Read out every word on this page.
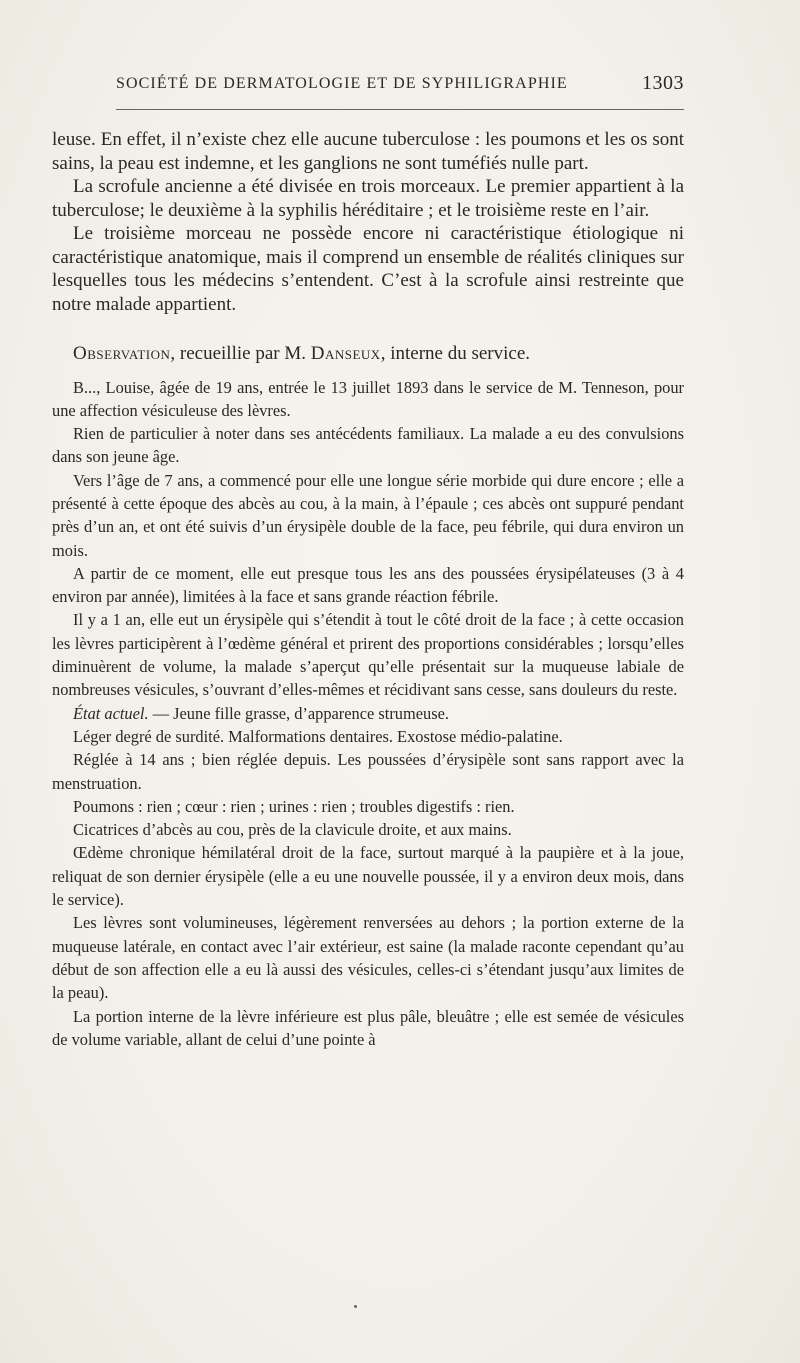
SOCIÉTÉ DE DERMATOLOGIE ET DE SYPHILIGRAPHIE	1303

leuse. En effet, il n’existe chez elle aucune tuberculose : les poumons et les os sont sains, la peau est indemne, et les ganglions ne sont tuméfiés nulle part.

La scrofule ancienne a été divisée en trois morceaux. Le premier appartient à la tuberculose; le deuxième à la syphilis héréditaire ; et le troisième reste en l’air.

Le troisième morceau ne possède encore ni caractéristique étiologique ni caractéristique anatomique, mais il comprend un ensemble de réalités cliniques sur lesquelles tous les médecins s’entendent. C’est à la scrofule ainsi restreinte que notre malade appartient.

Observation, recueillie par M. Danseux, interne du service.

B..., Louise, âgée de 19 ans, entrée le 13 juillet 1893 dans le service de M. Tenneson, pour une affection vésiculeuse des lèvres.

Rien de particulier à noter dans ses antécédents familiaux. La malade a eu des convulsions dans son jeune âge.

Vers l’âge de 7 ans, a commencé pour elle une longue série morbide qui dure encore ; elle a présenté à cette époque des abcès au cou, à la main, à l’épaule ; ces abcès ont suppuré pendant près d’un an, et ont été suivis d’un érysipèle double de la face, peu fébrile, qui dura environ un mois.

A partir de ce moment, elle eut presque tous les ans des poussées érysipélateuses (3 à 4 environ par année), limitées à la face et sans grande réaction fébrile.

Il y a 1 an, elle eut un érysipèle qui s’étendit à tout le côté droit de la face ; à cette occasion les lèvres participèrent à l’œdème général et prirent des proportions considérables ; lorsqu’elles diminuèrent de volume, la malade s’aperçut qu’elle présentait sur la muqueuse labiale de nombreuses vésicules, s’ouvrant d’elles-mêmes et récidivant sans cesse, sans douleurs du reste.

État actuel. — Jeune fille grasse, d’apparence strumeuse.

Léger degré de surdité. Malformations dentaires. Exostose médio-palatine.

Réglée à 14 ans ; bien réglée depuis. Les poussées d’érysipèle sont sans rapport avec la menstruation.

Poumons : rien ; cœur : rien ; urines : rien ; troubles digestifs : rien.

Cicatrices d’abcès au cou, près de la clavicule droite, et aux mains.

Œdème chronique hémilatéral droit de la face, surtout marqué à la paupière et à la joue, reliquat de son dernier érysipèle (elle a eu une nouvelle poussée, il y a environ deux mois, dans le service).

Les lèvres sont volumineuses, légèrement renversées au dehors ; la portion externe de la muqueuse latérale, en contact avec l’air extérieur, est saine (la malade raconte cependant qu’au début de son affection elle a eu là aussi des vésicules, celles-ci s’étendant jusqu’aux limites de la peau).

La portion interne de la lèvre inférieure est plus pâle, bleuâtre ; elle est semée de vésicules de volume variable, allant de celui d’une pointe à
